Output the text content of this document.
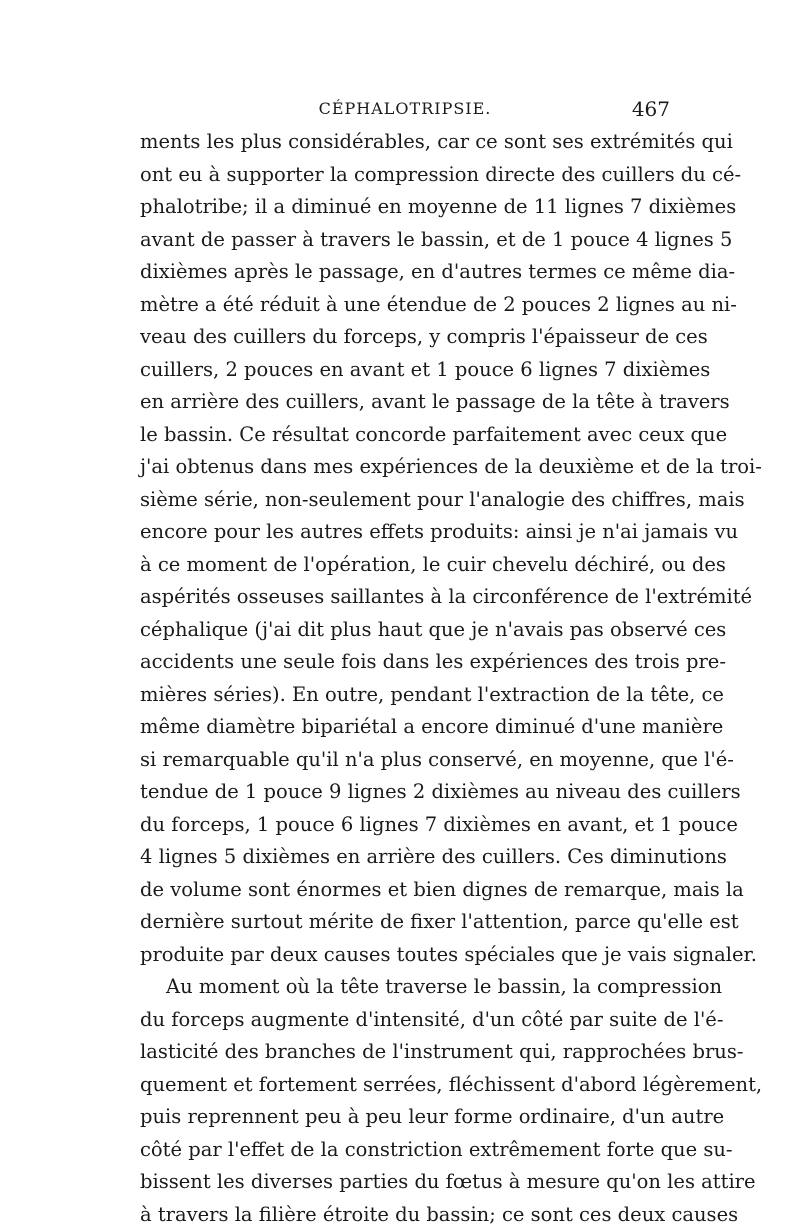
CÉPHALOTRIPSIE.	467
ments les plus considérables, car ce sont ses extrémités qui
ont eu à supporter la compression directe des cuillers du cé-
phalotribe; il a diminué en moyenne de 11 lignes 7 dixièmes
avant de passer à travers le bassin, et de 1 pouce 4 lignes 5
dixièmes après le passage, en d'autres termes ce même dia-
mètre a été réduit à une étendue de 2 pouces 2 lignes au ni-
veau des cuillers du forceps, y compris l'épaisseur de ces
cuillers, 2 pouces en avant et 1 pouce 6 lignes 7 dixièmes
en arrière des cuillers, avant le passage de la tête à travers
le bassin. Ce résultat concorde parfaitement avec ceux que
j'ai obtenus dans mes expériences de la deuxième et de la troi-
sième série, non-seulement pour l'analogie des chiffres, mais
encore pour les autres effets produits: ainsi je n'ai jamais vu
à ce moment de l'opération, le cuir chevelu déchiré, ou des
aspérités osseuses saillantes à la circonférence de l'extrémité
céphalique (j'ai dit plus haut que je n'avais pas observé ces
accidents une seule fois dans les expériences des trois pre-
mières séries). En outre, pendant l'extraction de la tête, ce
même diamètre bipariétal a encore diminué d'une manière
si remarquable qu'il n'a plus conservé, en moyenne, que l'é-
tendue de 1 pouce 9 lignes 2 dixièmes au niveau des cuillers
du forceps, 1 pouce 6 lignes 7 dixièmes en avant, et 1 pouce
4 lignes 5 dixièmes en arrière des cuillers. Ces diminutions
de volume sont énormes et bien dignes de remarque, mais la
dernière surtout mérite de fixer l'attention, parce qu'elle est
produite par deux causes toutes spéciales que je vais signaler.
Au moment où la tête traverse le bassin, la compression
du forceps augmente d'intensité, d'un côté par suite de l'é-
lasticité des branches de l'instrument qui, rapprochées brus-
quement et fortement serrées, fléchissent d'abord légèrement,
puis reprennent peu à peu leur forme ordinaire, d'un autre
côté par l'effet de la constriction extrêmement forte que su-
bissent les diverses parties du fœtus à mesure qu'on les attire
à travers la filière étroite du bassin; ce sont ces deux causes
